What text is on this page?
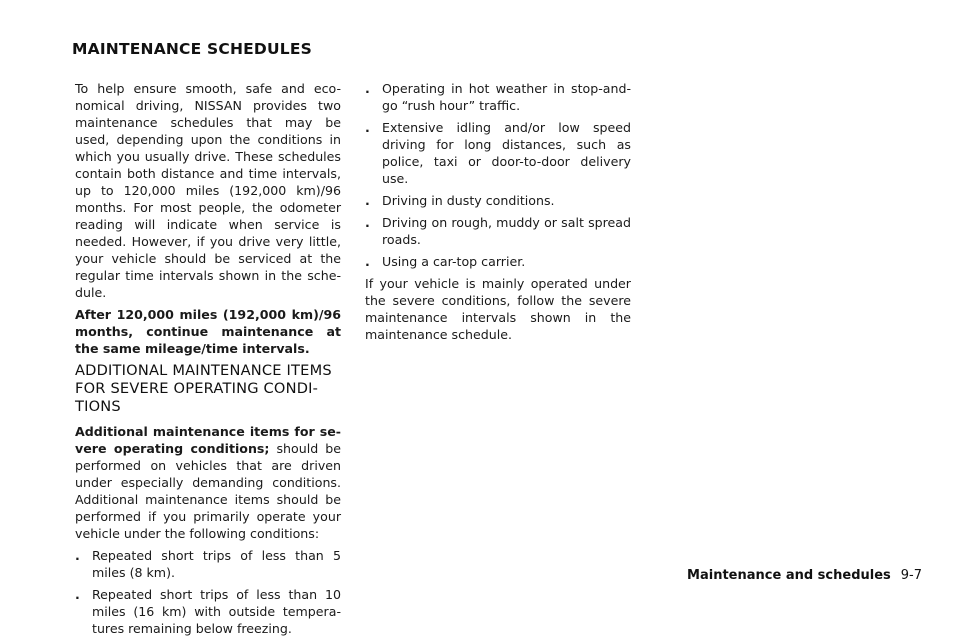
MAINTENANCE SCHEDULES

To help ensure smooth, safe and eco- nomical driving, NISSAN provides two maintenance schedules that may be used, depending upon the conditions in which you usually drive. These schedules contain both distance and time intervals, up to 120,000 miles (192,000 km)/96 months. For most people, the odometer reading will indicate when service is needed. However, if you drive very little, your vehicle should be serviced at the regular time intervals shown in the sche- dule.

After 120,000 miles (192,000 km)/96 months, continue maintenance at the same mileage/time intervals.

ADDITIONAL MAINTENANCE ITEMS FOR SEVERE OPERATING CONDI- TIONS

Additional maintenance items for se- vere operating conditions; should be performed on vehicles that are driven under especially demanding conditions. Additional maintenance items should be performed if you primarily operate your vehicle under the following conditions:

. Repeated short trips of less than 5 miles (8 km).
. Repeated short trips of less than 10 miles (16 km) with outside tempera- tures remaining below freezing.
. Operating in hot weather in stop-and- go “rush hour” traffic.
. Extensive idling and/or low speed driving for long distances, such as police, taxi or door-to-door delivery use.
. Driving in dusty conditions.
. Driving on rough, muddy or salt spread roads.
. Using a car-top carrier.

If your vehicle is mainly operated under the severe conditions, follow the severe maintenance intervals shown in the maintenance schedule.

Maintenance and schedules 9-7
